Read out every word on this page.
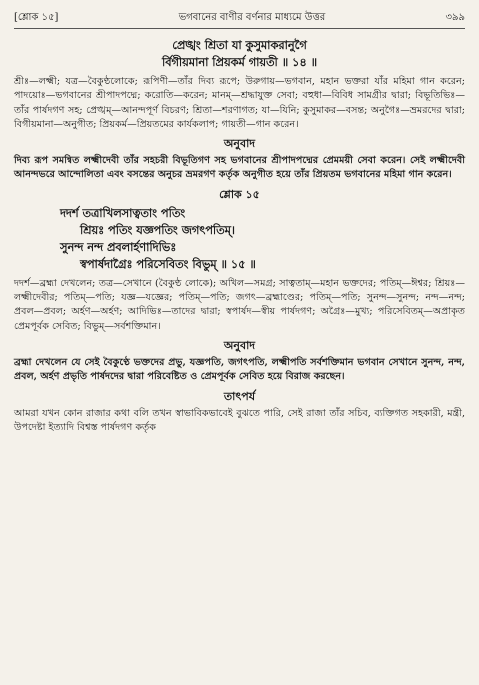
[শ্লোক ১৫]	ভগবানের বাণীর বর্ণনার মাধ্যমে উত্তর	৩৯৯
প্রেঙ্খং শ্রিতা যা কুসুমাকরানুগৈ
র্বিগীয়মানা প্রিয়কর্ম গায়তী ॥ ১৪ ॥

শ্রীঃ—লক্ষ্মী; যত্র—বৈকুণ্ঠলোকে; রূপিণী—তাঁর দিব্য রূপে; উরুগায়—ভগবান, মহান ভক্তরা যাঁর মহিমা গান করেন; পাদয়োঃ—ভগবানের শ্রীপাদপদ্মে; করোতি—করেন; মানম্—শ্রদ্ধাযুক্ত সেবা; বহুধা—বিবিধ সামগ্রীর দ্বারা; বিভূতিভিঃ—তাঁর পার্ষদগণ সহ; প্রেঙ্খম্—আনন্দপূর্ণ বিচরণ; শ্রিতা—শরণাগত; যা—যিনি; কুসুমাকর—বসন্ত; অনুগৈঃ—ভ্রমরদের দ্বারা; বিগীয়মানা—অনুগীত; প্রিয়কর্ম—প্রিয়তমের কার্যকলাপ; গায়তী—গান করেন।

অনুবাদ

দিব্য রূপ সমন্বিত লক্ষ্মীদেবী তাঁর সহচরী বিভূতিগণ সহ ভগবানের শ্রীপাদপদ্মের প্রেমময়ী সেবা করেন। সেই লক্ষ্মীদেবী আনন্দভরে আন্দোলিতা এবং বসন্তের অনুচর ভ্রমরগণ কর্তৃক অনুগীত হয়ে তাঁর প্রিয়তম ভগবানের মহিমা গান করেন।

শ্লোক ১৫
দদর্শ তত্রাখিলসাত্বতাং পতিং
শ্রিয়ঃ পতিং যজ্ঞপতিং জগৎপতিম্।
সুনন্দ নন্দ প্রবলার্হণাদিভিঃ
স্বপার্ষদাগ্রৈঃ পরিসেবিতং বিভুম্ ॥ ১৫ ॥

দদর্শ—ব্রহ্মা দেখলেন; তত্র—সেখানে (বৈকুণ্ঠ লোকে); অখিল—সমগ্র; সাত্বতাম্—মহান ভক্তদের; পতিম্—ঈশ্বর; শ্রিয়ঃ—লক্ষ্মীদেবীর; পতিম্—পতি; যজ্ঞ—যজ্ঞের; পতিম্—পতি; জগৎ—ব্রহ্মাণ্ডের; পতিম্—পতি; সুনন্দ—সুনন্দ; নন্দ—নন্দ; প্রবল—প্রবল; অর্হণ—অর্হণ; আদিভিঃ—তাদের দ্বারা; স্বপার্ষদ—স্বীয় পার্ষদগণ; অগ্রৈঃ—মুখ্য; পরিসেবিতম্—অপ্রাকৃত প্রেমপূর্বক সেবিত; বিভুম্—সর্বশক্তিমান।

অনুবাদ

ব্রহ্মা দেখলেন যে সেই বৈকুণ্ঠে ভক্তদের প্রভু, যজ্ঞপতি, জগৎপতি, লক্ষ্মীপতি সর্বশক্তিমান ভগবান সেখানে সুনন্দ, নন্দ, প্রবল, অর্হণ প্রভৃতি পার্ষদদের দ্বারা পরিবেষ্টিত ও প্রেমপূর্বক সেবিত হয়ে বিরাজ করছেন।

তাৎপর্য

আমরা যখন কোন রাজার কথা বলি তখন স্বাভাবিকভাবেই বুঝতে পারি, সেই রাজা তাঁর সচিব, ব্যক্তিগত সহকারী, মন্ত্রী, উপদেষ্টা ইত্যাদি বিশ্বস্ত পার্ষদগণ কর্তৃক
